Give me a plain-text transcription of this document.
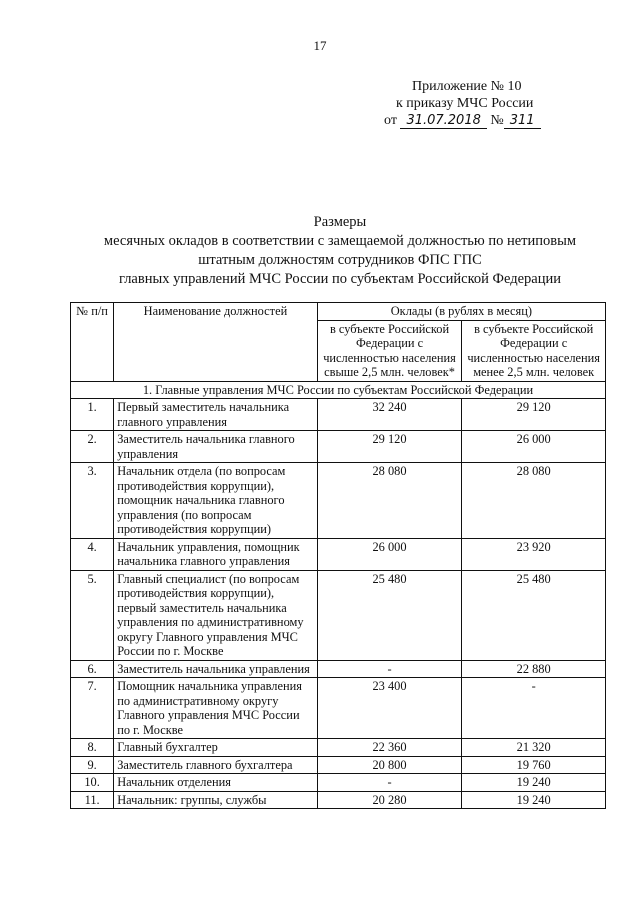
17
Приложение № 10
к приказу МЧС России
от 31.07.2018 № 311
Размеры
месячных окладов в соответствии с замещаемой должностью по нетиповым
штатным должностям сотрудников ФПС ГПС
главных управлений МЧС России по субъектам Российской Федерации
№ п/п	Наименование должностей	Оклады (в рублях в месяц)	
		в субъекте Российской Федерации с численностью населения свыше 2,5 млн. человек*	в субъекте Российской Федерации с численностью населения менее 2,5 млн. человек
1. Главные управления МЧС России по субъектам Российской Федерации			
1.	Первый заместитель начальника главного управления	32 240	29 120
2.	Заместитель начальника главного управления	29 120	26 000
3.	Начальник отдела (по вопросам противодействия коррупции), помощник начальника главного управления (по вопросам противодействия коррупции)	28 080	28 080
4.	Начальник управления, помощник начальника главного управления	26 000	23 920
5.	Главный специалист (по вопросам противодействия коррупции), первый заместитель начальника управления по административному округу Главного управления МЧС России по г. Москве	25 480	25 480
6.	Заместитель начальника управления	-	22 880
7.	Помощник начальника управления по административному округу Главного управления МЧС России по г. Москве	23 400	-
8.	Главный бухгалтер	22 360	21 320
9.	Заместитель главного бухгалтера	20 800	19 760
10.	Начальник отделения	-	19 240
11.	Начальник: группы, службы	20 280	19 240
